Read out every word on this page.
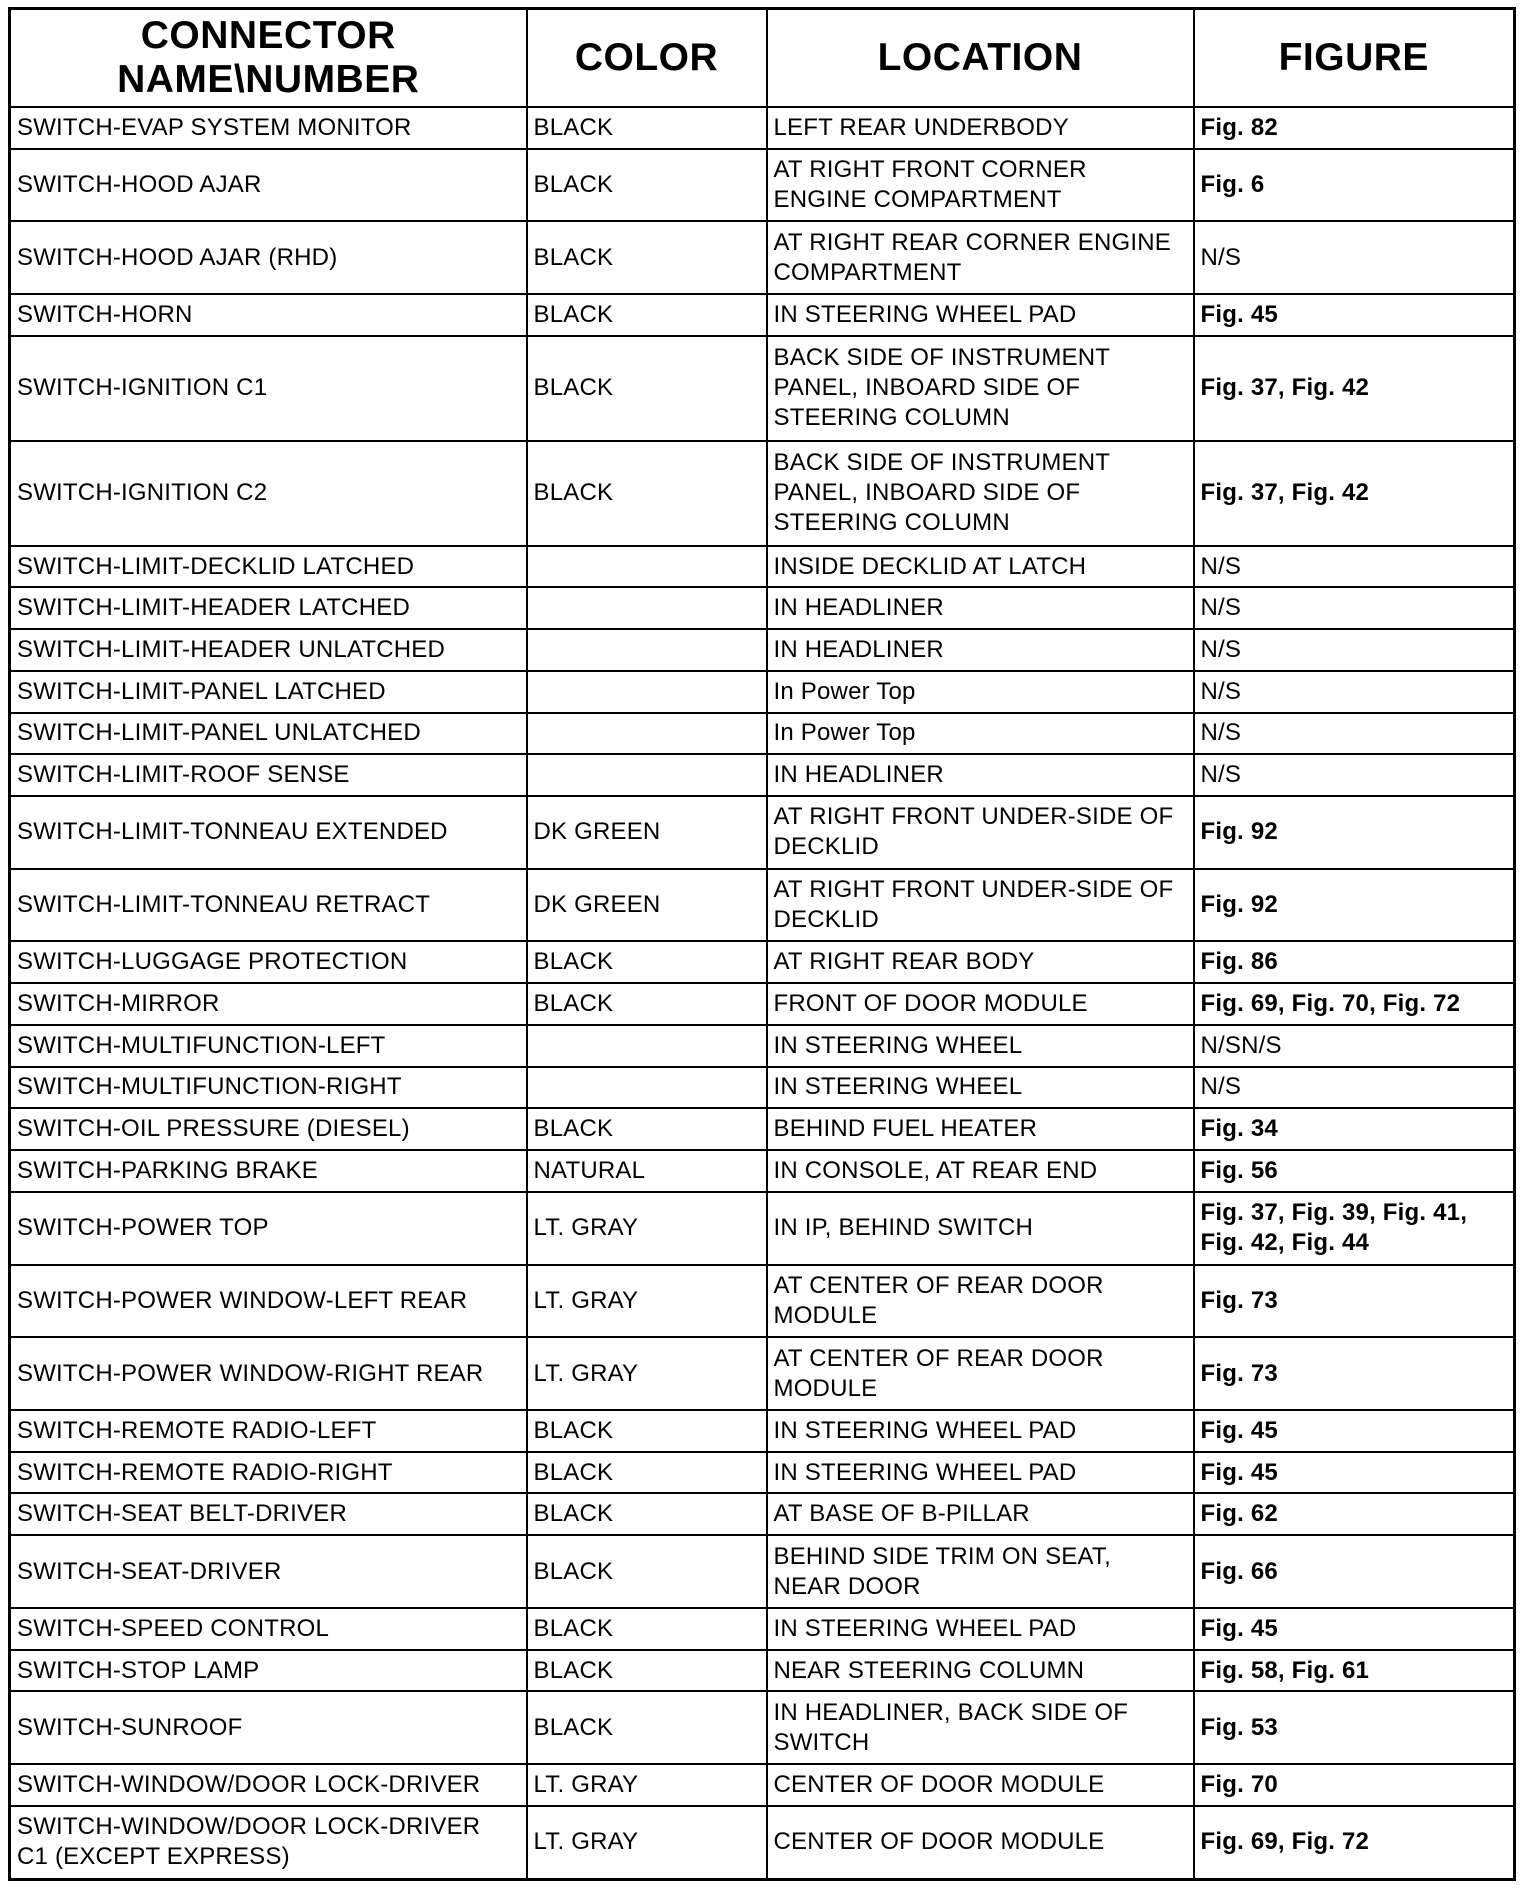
CONNECTOR
NAME\NUMBER	COLOR	LOCATION	FIGURE
SWITCH-EVAP SYSTEM MONITOR	BLACK	LEFT REAR UNDERBODY	Fig. 82
SWITCH-HOOD AJAR	BLACK	AT RIGHT FRONT CORNER
ENGINE COMPARTMENT	Fig. 6
SWITCH-HOOD AJAR (RHD)	BLACK	AT RIGHT REAR CORNER ENGINE
COMPARTMENT	N/S
SWITCH-HORN	BLACK	IN STEERING WHEEL PAD	Fig. 45
SWITCH-IGNITION C1	BLACK	BACK SIDE OF INSTRUMENT
PANEL, INBOARD SIDE OF
STEERING COLUMN	Fig. 37, Fig. 42
SWITCH-IGNITION C2	BLACK	BACK SIDE OF INSTRUMENT
PANEL, INBOARD SIDE OF
STEERING COLUMN	Fig. 37, Fig. 42
SWITCH-LIMIT-DECKLID LATCHED		INSIDE DECKLID AT LATCH	N/S
SWITCH-LIMIT-HEADER LATCHED		IN HEADLINER	N/S
SWITCH-LIMIT-HEADER UNLATCHED		IN HEADLINER	N/S
SWITCH-LIMIT-PANEL LATCHED		In Power Top	N/S
SWITCH-LIMIT-PANEL UNLATCHED		In Power Top	N/S
SWITCH-LIMIT-ROOF SENSE		IN HEADLINER	N/S
SWITCH-LIMIT-TONNEAU EXTENDED	DK GREEN	AT RIGHT FRONT UNDER-SIDE OF
DECKLID	Fig. 92
SWITCH-LIMIT-TONNEAU RETRACT	DK GREEN	AT RIGHT FRONT UNDER-SIDE OF
DECKLID	Fig. 92
SWITCH-LUGGAGE PROTECTION	BLACK	AT RIGHT REAR BODY	Fig. 86
SWITCH-MIRROR	BLACK	FRONT OF DOOR MODULE	Fig. 69, Fig. 70, Fig. 72
SWITCH-MULTIFUNCTION-LEFT		IN STEERING WHEEL	N/SN/S
SWITCH-MULTIFUNCTION-RIGHT		IN STEERING WHEEL	N/S
SWITCH-OIL PRESSURE (DIESEL)	BLACK	BEHIND FUEL HEATER	Fig. 34
SWITCH-PARKING BRAKE	NATURAL	IN CONSOLE, AT REAR END	Fig. 56
SWITCH-POWER TOP	LT. GRAY	IN IP, BEHIND SWITCH	Fig. 37, Fig. 39, Fig. 41,
Fig. 42, Fig. 44
SWITCH-POWER WINDOW-LEFT REAR	LT. GRAY	AT CENTER OF REAR DOOR
MODULE	Fig. 73
SWITCH-POWER WINDOW-RIGHT REAR	LT. GRAY	AT CENTER OF REAR DOOR
MODULE	Fig. 73
SWITCH-REMOTE RADIO-LEFT	BLACK	IN STEERING WHEEL PAD	Fig. 45
SWITCH-REMOTE RADIO-RIGHT	BLACK	IN STEERING WHEEL PAD	Fig. 45
SWITCH-SEAT BELT-DRIVER	BLACK	AT BASE OF B-PILLAR	Fig. 62
SWITCH-SEAT-DRIVER	BLACK	BEHIND SIDE TRIM ON SEAT,
NEAR DOOR	Fig. 66
SWITCH-SPEED CONTROL	BLACK	IN STEERING WHEEL PAD	Fig. 45
SWITCH-STOP LAMP	BLACK	NEAR STEERING COLUMN	Fig. 58, Fig. 61
SWITCH-SUNROOF	BLACK	IN HEADLINER, BACK SIDE OF
SWITCH	Fig. 53
SWITCH-WINDOW/DOOR LOCK-DRIVER	LT. GRAY	CENTER OF DOOR MODULE	Fig. 70
SWITCH-WINDOW/DOOR LOCK-DRIVER
C1 (EXCEPT EXPRESS)	LT. GRAY	CENTER OF DOOR MODULE	Fig. 69, Fig. 72
